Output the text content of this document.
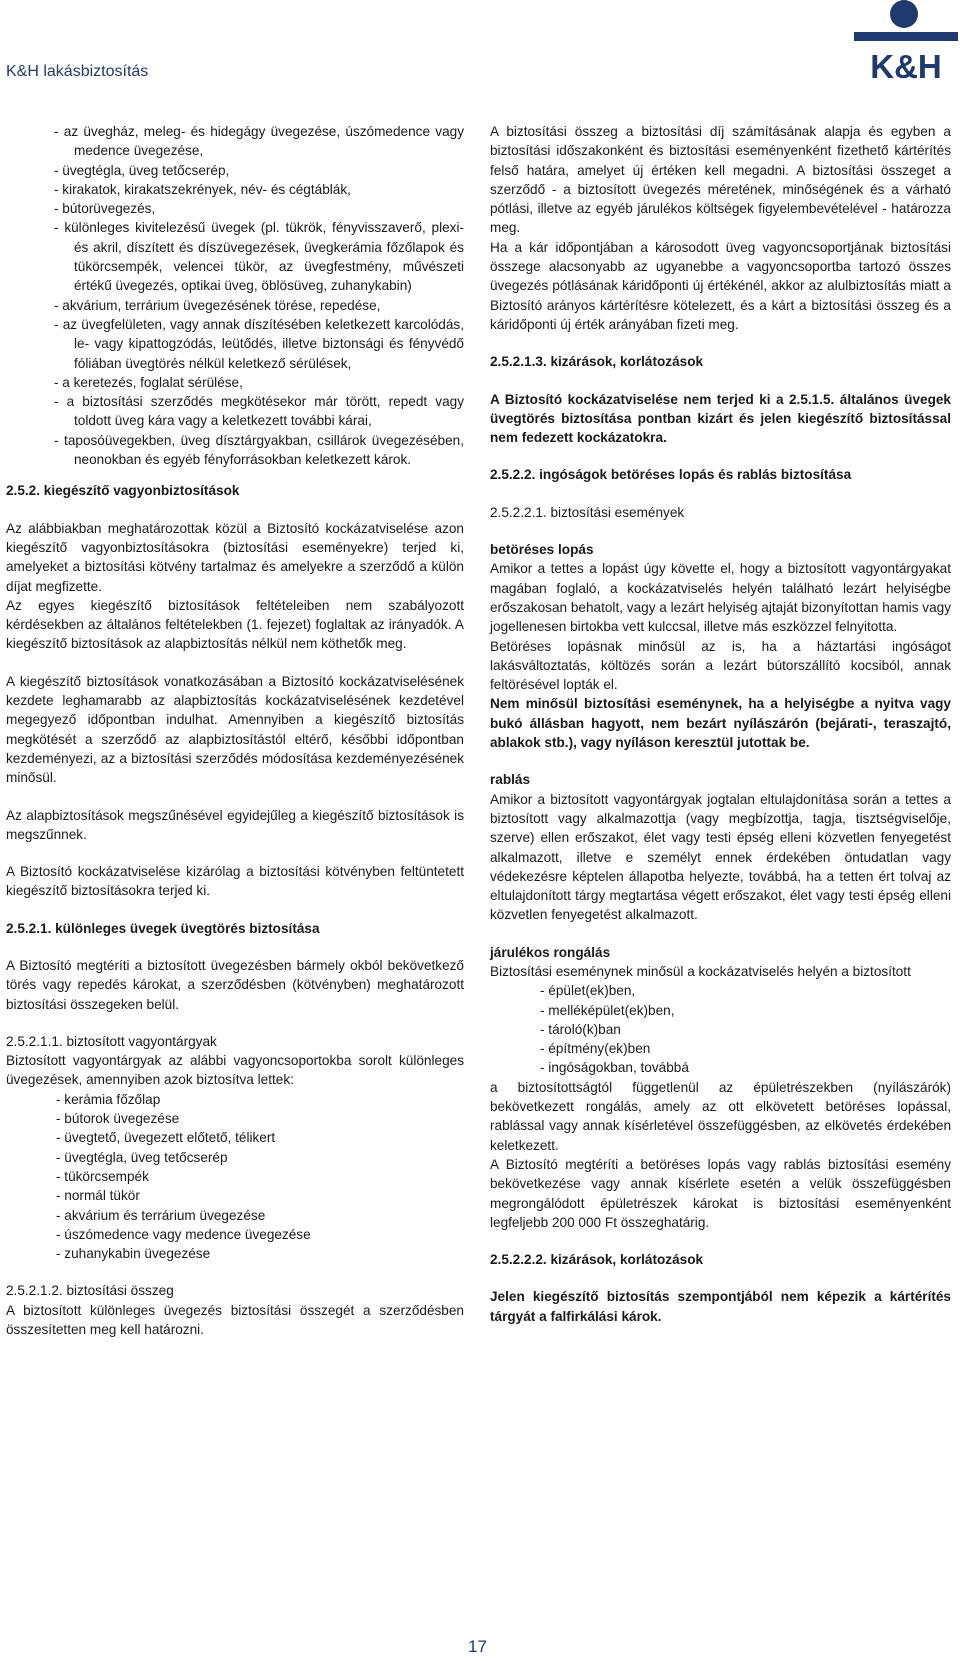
K&H lakásbiztosítás	K&H
- az üvegház, meleg- és hidegágy üvegezése, úszómedence vagy medence üvegezése,
- üvegtégla, üveg tetőcserép,
- kirakatok, kirakatszekrények, név- és cégtáblák,
- bútorüvegezés,
- különleges kivitelezésű üvegek (pl. tükrök, fényvisszaverő, plexi- és akril, díszített és díszüvegezések, üvegkerámia főzőlapok és tükörcsempék, velencei tükör, az üvegfestmény, művészeti értékű üvegezés, optikai üveg, öblösüveg, zuhanykabin)
- akvárium, terrárium üvegezésének törése, repedése,
- az üvegfelületen, vagy annak díszítésében keletkezett karcolódás, le- vagy kipattogzódás, leütődés, illetve biztonsági és fényvédő fóliában üvegtörés nélkül keletkező sérülések,
- a keretezés, foglalat sérülése,
- a biztosítási szerződés megkötésekor már törött, repedt vagy toldott üveg kára vagy a keletkezett további kárai,
- taposóüvegekben, üveg dísztárgyakban, csillárok üvegezésében, neonokban és egyéb fényforrásokban keletkezett károk.

2.5.2. kiegészítő vagyonbiztosítások

Az alábbiakban meghatározottak közül a Biztosító kockázatviselése azon kiegészítő vagyonbiztosításokra (biztosítási eseményekre) terjed ki, amelyeket a biztosítási kötvény tartalmaz és amelyekre a szerződő a külön díjat megfizette.

Az egyes kiegészítő biztosítások feltételeiben nem szabályozott kérdésekben az általános feltételekben (1. fejezet) foglaltak az irányadók. A kiegészítő biztosítások az alapbiztosítás nélkül nem köthetők meg.

A kiegészítő biztosítások vonatkozásában a Biztosító kockázatviselésének kezdete leghamarabb az alapbiztosítás kockázatviselésének kezdetével megegyező időpontban indulhat. Amennyiben a kiegészítő biztosítás megkötését a szerződő az alapbiztosítástól eltérő, későbbi időpontban kezdeményezi, az a biztosítási szerződés módosítása kezdeményezésének minősül.

Az alapbiztosítások megszűnésével egyidejűleg a kiegészítő biztosítások is megszűnnek.

A Biztosító kockázatviselése kizárólag a biztosítási kötvényben feltüntetett kiegészítő biztosításokra terjed ki.

2.5.2.1. különleges üvegek üvegtörés biztosítása

A Biztosító megtéríti a biztosított üvegezésben bármely okból bekövetkező törés vagy repedés károkat, a szerződésben (kötvényben) meghatározott biztosítási összegeken belül.

2.5.2.1.1. biztosított vagyontárgyak

Biztosított vagyontárgyak az alábbi vagyoncsoportokba sorolt különleges üvegezések, amennyiben azok biztosítva lettek:

- kerámia főzőlap
- bútorok üvegezése
- üvegtető, üvegezett előtető, télikert
- üvegtégla, üveg tetőcserép
- tükörcsempék
- normál tükör
- akvárium és terrárium üvegezése
- úszómedence vagy medence üvegezése
- zuhanykabin üvegezése

2.5.2.1.2. biztosítási összeg

A biztosított különleges üvegezés biztosítási összegét a szerződésben összesítetten meg kell határozni.

A biztosítási összeg a biztosítási díj számításának alapja és egyben a biztosítási időszakonként és biztosítási eseményenként fizethető kártérítés felső határa, amelyet új értéken kell megadni. A biztosítási összeget a szerződő - a biztosított üvegezés méretének, minőségének és a várható pótlási, illetve az egyéb járulékos költségek figyelembevételével - határozza meg.

Ha a kár időpontjában a károsodott üveg vagyoncsoportjának biztosítási összege alacsonyabb az ugyanebbe a vagyoncsoportba tartozó összes üvegezés pótlásának káridőponti új értékénél, akkor az alulbiztosítás miatt a Biztosító arányos kártérítésre kötelezett, és a kárt a biztosítási összeg és a káridőponti új érték arányában fizeti meg.

2.5.2.1.3. kizárások, korlátozások

A Biztosító kockázatviselése nem terjed ki a 2.5.1.5. általános üvegek üvegtörés biztosítása pontban kizárt és jelen kiegészítő biztosítással nem fedezett kockázatokra.

2.5.2.2. ingóságok betöréses lopás és rablás biztosítása

2.5.2.2.1. biztosítási események

betöréses lopás

Amikor a tettes a lopást úgy követte el, hogy a biztosított vagyontárgyakat magában foglaló, a kockázatviselés helyén található lezárt helyiségbe erőszakosan behatolt, vagy a lezárt helyiség ajtaját bizonyítottan hamis vagy jogellenesen birtokba vett kulccsal, illetve más eszközzel felnyitotta.

Betöréses lopásnak minősül az is, ha a háztartási ingóságot lakásváltoztatás, költözés során a lezárt bútorszállító kocsiból, annak feltörésével lopták el.

Nem minősül biztosítási eseménynek, ha a helyiségbe a nyitva vagy bukó állásban hagyott, nem bezárt nyílászárón (bejárati-, teraszajtó, ablakok stb.), vagy nyíláson keresztül jutottak be.

rablás

Amikor a biztosított vagyontárgyak jogtalan eltulajdonítása során a tettes a biztosított vagy alkalmazottja (vagy megbízottja, tagja, tisztségviselője, szerve) ellen erőszakot, élet vagy testi épség elleni közvetlen fenyegetést alkalmazott, illetve e személyt ennek érdekében öntudatlan vagy védekezésre képtelen állapotba helyezte, továbbá, ha a tetten ért tolvaj az eltulajdonított tárgy megtartása végett erőszakot, élet vagy testi épség elleni közvetlen fenyegetést alkalmazott.

járulékos rongálás

Biztosítási eseménynek minősül a kockázatviselés helyén a biztosított

- épület(ek)ben,
- melléképület(ek)ben,
- tároló(k)ban
- építmény(ek)ben
- ingóságokban, továbbá

a biztosítottságtól függetlenül az épületrészekben (nyílászárók) bekövetkezett rongálás, amely az ott elkövetett betöréses lopással, rablással vagy annak kísérletével összefüggésben, az elkövetés érdekében keletkezett.

A Biztosító megtéríti a betöréses lopás vagy rablás biztosítási esemény bekövetkezése vagy annak kísérlete esetén a velük összefüggésben megrongálódott épületrészek károkat is biztosítási eseményenként legfeljebb 200 000 Ft összeghatárig.

2.5.2.2.2. kizárások, korlátozások

Jelen kiegészítő biztosítás szempontjából nem képezik a kártérítés tárgyát a falfirkálási károk.

17
